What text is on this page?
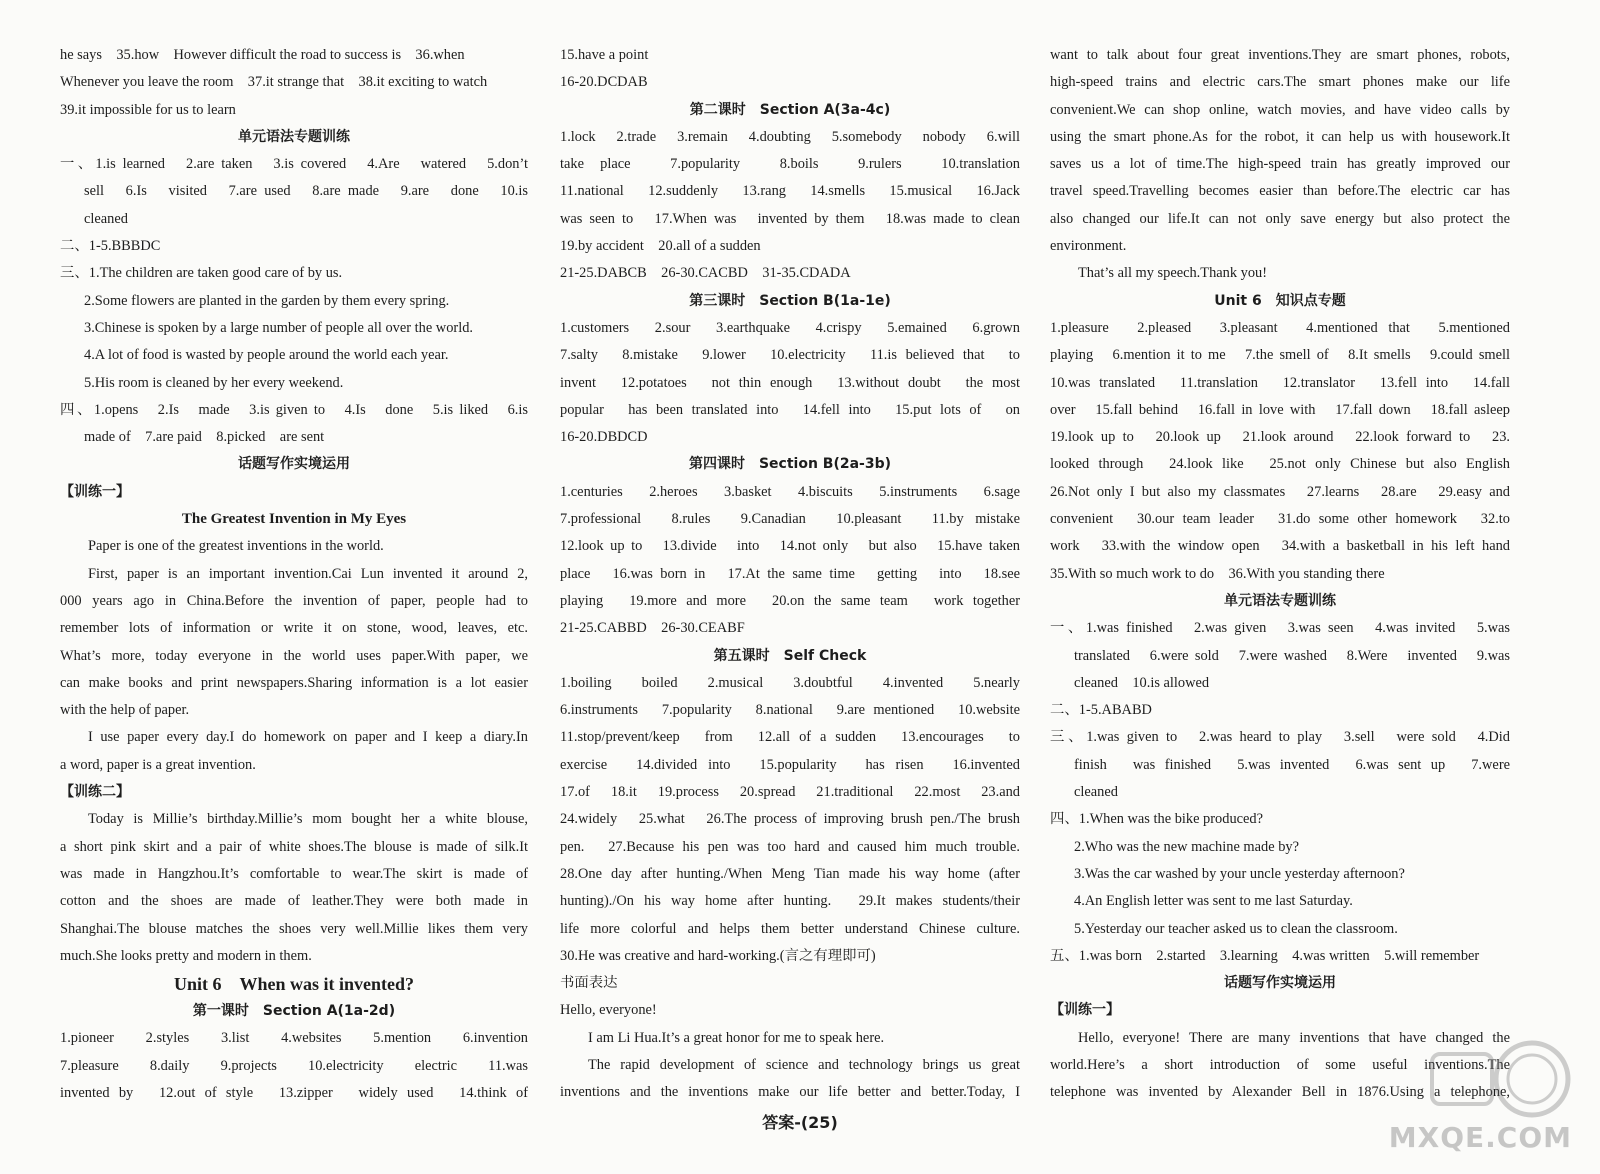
he says　35.how　However difficult the road to success is　36.when
Whenever you leave the room　37.it strange that　38.it exciting to watch
39.it impossible for us to learn
单元语法专题训练
一、1.is learned　2.are taken　3.is covered　4.Are　watered　5.don’t
sell　6.Is　visited　7.are used　8.are made　9.are　done　10.is
cleaned
二、1-5.BBBDC
三、1.The children are taken good care of by us.
2.Some flowers are planted in the garden by them every spring.
3.Chinese is spoken by a large number of people all over the world.
4.A lot of food is wasted by people around the world each year.
5.His room is cleaned by her every weekend.
四、1.opens　2.Is　made　3.is given to　4.Is　done　5.is liked　6.is
made of　7.are paid　8.picked　are sent
话题写作实境运用
【训练一】
The Greatest Invention in My Eyes
Paper is one of the greatest inventions in the world.
First, paper is an important invention.Cai Lun invented it around 2,
000 years ago in China.Before the invention of paper, people had to
remember lots of information or write it on stone, wood, leaves, etc.
What’s more, today everyone in the world uses paper.With paper, we
can make books and print newspapers.Sharing information is a lot easier
with the help of paper.
I use paper every day.I do homework on paper and I keep a diary.In
a word, paper is a great invention.
【训练二】
Today is Millie’s birthday.Millie’s mom bought her a white blouse,
a short pink skirt and a pair of white shoes.The blouse is made of silk.It
was made in Hangzhou.It’s comfortable to wear.The skirt is made of
cotton and the shoes are made of leather.They were both made in
Shanghai.The blouse matches the shoes very well.Millie likes them very
much.She looks pretty and modern in them.
Unit 6　When was it invented?
第一课时　Section A(1a-2d)
1.pioneer　2.styles　3.list　4.websites　5.mention　6.invention
7.pleasure　8.daily　9.projects　10.electricity　electric　11.was
invented by　12.out of style　13.zipper　widely used　14.think of
15.have a point
16-20.DCDAB
第二课时　Section A(3a-4c)
1.lock　2.trade　3.remain　4.doubting　5.somebody　nobody　6.will
take place　7.popularity　8.boils　9.rulers　10.translation
11.national　12.suddenly　13.rang　14.smells　15.musical　16.Jack
was seen to　17.When was　invented by them　18.was made to clean
19.by accident　20.all of a sudden
21-25.DABCB　26-30.CACBD　31-35.CDADA
第三课时　Section B(1a-1e)
1.customers　2.sour　3.earthquake　4.crispy　5.emained　6.grown
7.salty　8.mistake　9.lower　10.electricity　11.is believed that　to
invent　12.potatoes　not thin enough　13.without doubt　the most
popular　has been translated into　14.fell into　15.put lots of　on
16-20.DBDCD
第四课时　Section B(2a-3b)
1.centuries　2.heroes　3.basket　4.biscuits　5.instruments　6.sage
7.professional　8.rules　9.Canadian　10.pleasant　11.by mistake
12.look up to　13.divide　into　14.not only　but also　15.have taken
place　16.was born in　17.At the same time　getting　into　18.see
playing　19.more and more　20.on the same team　work together
21-25.CABBD　26-30.CEABF
第五课时　Self Check
1.boiling　boiled　2.musical　3.doubtful　4.invented　5.nearly
6.instruments　7.popularity　8.national　9.are mentioned　10.website
11.stop/prevent/keep　from　12.all of a sudden　13.encourages　to
exercise　14.divided into　15.popularity　has risen　16.invented
17.of　18.it　19.process　20.spread　21.traditional　22.most　23.and
24.widely　25.what　26.The process of improving brush pen./The brush
pen.　27.Because his pen was too hard and caused him much trouble.
28.One day after hunting./When Meng Tian made his way home (after
hunting)./On his way home after hunting.　29.It makes students/their
life more colorful and helps them better understand Chinese culture.
30.He was creative and hard-working.(言之有理即可)
书面表达
Hello, everyone!
I am Li Hua.It’s a great honor for me to speak here.
The rapid development of science and technology brings us great
inventions and the inventions make our life better and better.Today, I
want to talk about four great inventions.They are smart phones, robots,
high-speed trains and electric cars.The smart phones make our life
convenient.We can shop online, watch movies, and have video calls by
using the smart phone.As for the robot, it can help us with housework.It
saves us a lot of time.The high-speed train has greatly improved our
travel speed.Travelling becomes easier than before.The electric car has
also changed our life.It can not only save energy but also protect the
environment.
That’s all my speech.Thank you!
Unit 6　知识点专题
1.pleasure　2.pleased　3.pleasant　4.mentioned that　5.mentioned
playing　6.mention it to me　7.the smell of　8.It smells　9.could smell
10.was translated　11.translation　12.translator　13.fell into　14.fall
over　15.fall behind　16.fall in love with　17.fall down　18.fall asleep
19.look up to　20.look up　21.look around　22.look forward to　23.
looked through　24.look like　25.not only Chinese but also English
26.Not only I but also my classmates　27.learns　28.are　29.easy and
convenient　30.our team leader　31.do some other homework　32.to
work　33.with the window open　34.with a basketball in his left hand
35.With so much work to do　36.With you standing there
单元语法专题训练
一、1.was finished　2.was given　3.was seen　4.was invited　5.was
translated　6.were sold　7.were washed　8.Were　invented　9.was
cleaned　10.is allowed
二、1-5.ABABD
三、1.was given to　2.was heard to play　3.sell　were sold　4.Did
finish　was finished　5.was invented　6.was sent up　7.were
cleaned
四、1.When was the bike produced?
2.Who was the new machine made by?
3.Was the car washed by your uncle yesterday afternoon?
4.An English letter was sent to me last Saturday.
5.Yesterday our teacher asked us to clean the classroom.
五、1.was born　2.started　3.learning　4.was written　5.will remember
话题写作实境运用
【训练一】
Hello, everyone! There are many inventions that have changed the
world.Here’s a short introduction of some useful inventions.The
telephone was invented by Alexander Bell in 1876.Using a telephone,
答案-(25)	MXQE.COM
